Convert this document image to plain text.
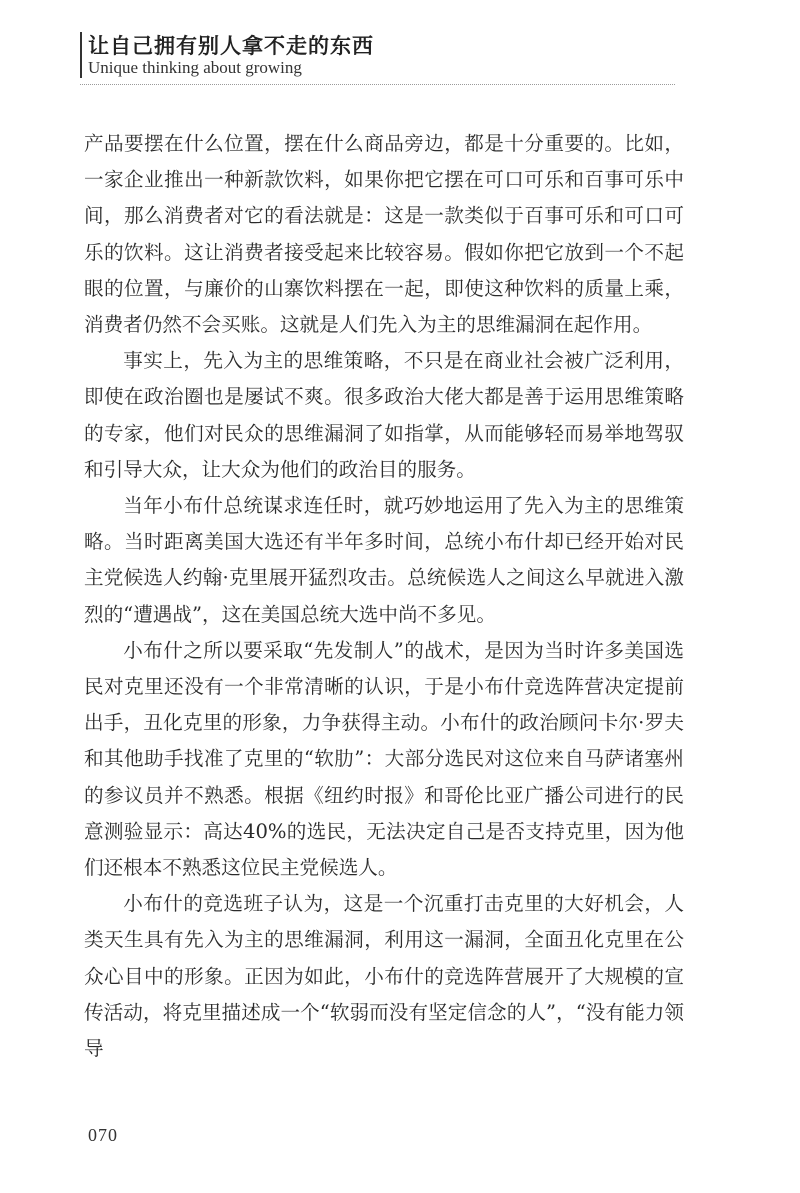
让自己拥有别人拿不走的东西
Unique thinking about growing

产品要摆在什么位置，摆在什么商品旁边，都是十分重要的。比如，一家企业推出一种新款饮料，如果你把它摆在可口可乐和百事可乐中间，那么消费者对它的看法就是：这是一款类似于百事可乐和可口可乐的饮料。这让消费者接受起来比较容易。假如你把它放到一个不起眼的位置，与廉价的山寨饮料摆在一起，即使这种饮料的质量上乘，消费者仍然不会买账。这就是人们先入为主的思维漏洞在起作用。

事实上，先入为主的思维策略，不只是在商业社会被广泛利用，即使在政治圈也是屡试不爽。很多政治大佬大都是善于运用思维策略的专家，他们对民众的思维漏洞了如指掌，从而能够轻而易举地驾驭和引导大众，让大众为他们的政治目的服务。

当年小布什总统谋求连任时，就巧妙地运用了先入为主的思维策略。当时距离美国大选还有半年多时间，总统小布什却已经开始对民主党候选人约翰·克里展开猛烈攻击。总统候选人之间这么早就进入激烈的“遭遇战”，这在美国总统大选中尚不多见。

小布什之所以要采取“先发制人”的战术，是因为当时许多美国选民对克里还没有一个非常清晰的认识，于是小布什竞选阵营决定提前出手，丑化克里的形象，力争获得主动。小布什的政治顾问卡尔·罗夫和其他助手找准了克里的“软肋”：大部分选民对这位来自马萨诸塞州的参议员并不熟悉。根据《纽约时报》和哥伦比亚广播公司进行的民意测验显示：高达40%的选民，无法决定自己是否支持克里，因为他们还根本不熟悉这位民主党候选人。

小布什的竞选班子认为，这是一个沉重打击克里的大好机会，人类天生具有先入为主的思维漏洞，利用这一漏洞，全面丑化克里在公众心目中的形象。正因为如此，小布什的竞选阵营展开了大规模的宣传活动，将克里描述成一个“软弱而没有坚定信念的人”，“没有能力领导

070
